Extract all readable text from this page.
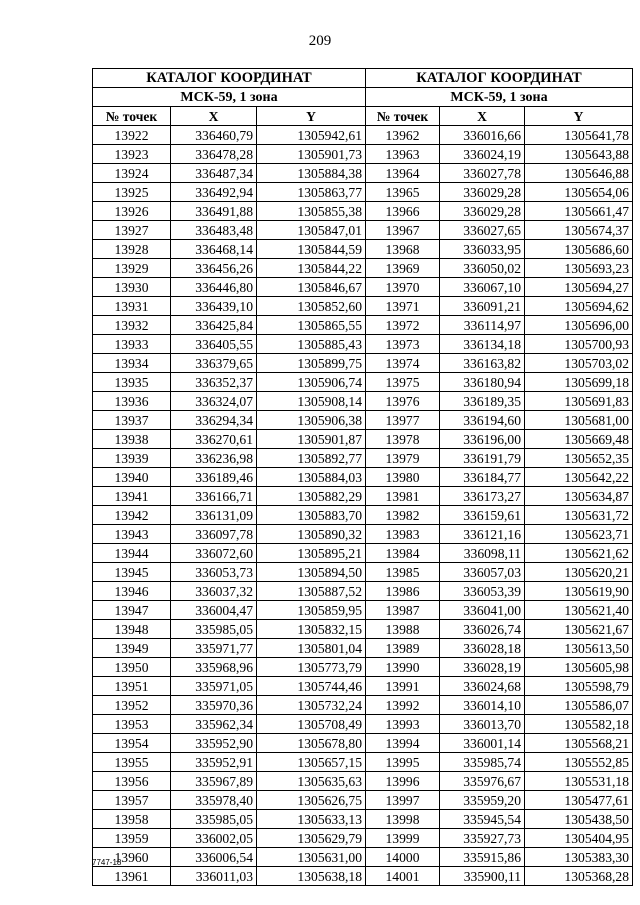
209
КАТАЛОГ КООРДИНАТ		
МСК-59, 1 зона		
№ точек	X	Y
13922	336460,79	1305942,61
13923	336478,28	1305901,73
13924	336487,34	1305884,38
13925	336492,94	1305863,77
13926	336491,88	1305855,38
13927	336483,48	1305847,01
13928	336468,14	1305844,59
13929	336456,26	1305844,22
13930	336446,80	1305846,67
13931	336439,10	1305852,60
13932	336425,84	1305865,55
13933	336405,55	1305885,43
13934	336379,65	1305899,75
13935	336352,37	1305906,74
13936	336324,07	1305908,14
13937	336294,34	1305906,38
13938	336270,61	1305901,87
13939	336236,98	1305892,77
13940	336189,46	1305884,03
13941	336166,71	1305882,29
13942	336131,09	1305883,70
13943	336097,78	1305890,32
13944	336072,60	1305895,21
13945	336053,73	1305894,50
13946	336037,32	1305887,52
13947	336004,47	1305859,95
13948	335985,05	1305832,15
13949	335971,77	1305801,04
13950	335968,96	1305773,79
13951	335971,05	1305744,46
13952	335970,36	1305732,24
13953	335962,34	1305708,49
13954	335952,90	1305678,80
13955	335952,91	1305657,15
13956	335967,89	1305635,63
13957	335978,40	1305626,75
13958	335985,05	1305633,13
13959	336002,05	1305629,79
13960	336006,54	1305631,00
13961	336011,03	1305638,18
КАТАЛОГ КООРДИНАТ		
МСК-59, 1 зона		
№ точек	X	Y
13962	336016,66	1305641,78
13963	336024,19	1305643,88
13964	336027,78	1305646,88
13965	336029,28	1305654,06
13966	336029,28	1305661,47
13967	336027,65	1305674,37
13968	336033,95	1305686,60
13969	336050,02	1305693,23
13970	336067,10	1305694,27
13971	336091,21	1305694,62
13972	336114,97	1305696,00
13973	336134,18	1305700,93
13974	336163,82	1305703,02
13975	336180,94	1305699,18
13976	336189,35	1305691,83
13977	336194,60	1305681,00
13978	336196,00	1305669,48
13979	336191,79	1305652,35
13980	336184,77	1305642,22
13981	336173,27	1305634,87
13982	336159,61	1305631,72
13983	336121,16	1305623,71
13984	336098,11	1305621,62
13985	336057,03	1305620,21
13986	336053,39	1305619,90
13987	336041,00	1305621,40
13988	336026,74	1305621,67
13989	336028,18	1305613,50
13990	336028,19	1305605,98
13991	336024,68	1305598,79
13992	336014,10	1305586,07
13993	336013,70	1305582,18
13994	336001,14	1305568,21
13995	335985,74	1305552,85
13996	335976,67	1305531,18
13997	335959,20	1305477,61
13998	335945,54	1305438,50
13999	335927,73	1305404,95
14000	335915,86	1305383,30
14001	335900,11	1305368,28
7747-18
